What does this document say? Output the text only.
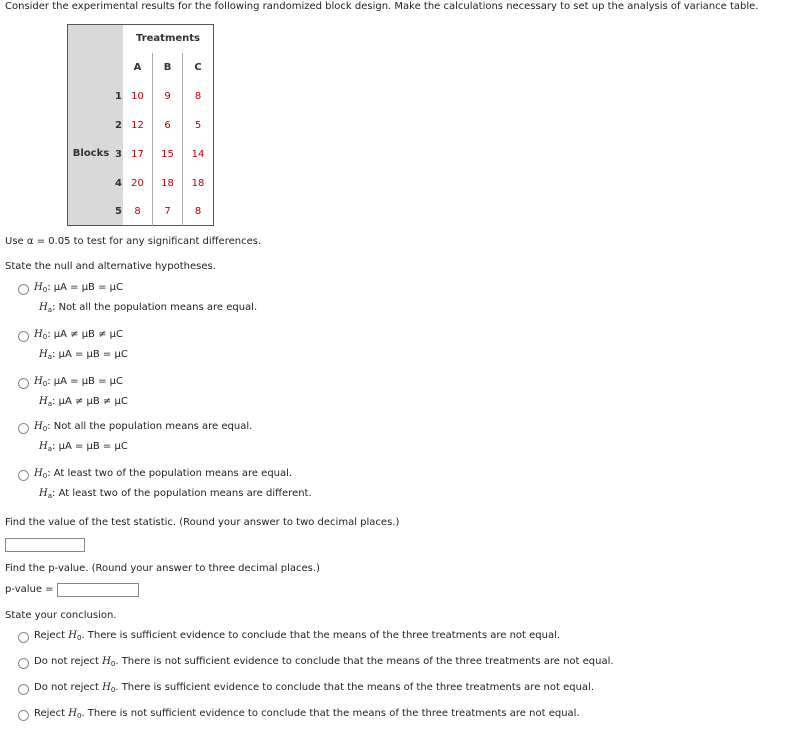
Consider the experimental results for the following randomized block design. Make the calculations necessary to set up the analysis of variance table.
		Treatments		
		A	B	C
Blocks	1	10	9	8
	2	12	6	5
	3	17	15	14
	4	20	18	18
	5	8	7	8
Use α = 0.05 to test for any significant differences.
State the null and alternative hypotheses.
$H_0$: μA = μB = μC
$H_a$: Not all the population means are equal.
$H_0$: μA ≠ μB ≠ μC
$H_a$: μA = μB = μC
$H_0$: μA = μB = μC
$H_a$: μA ≠ μB ≠ μC
$H_0$: Not all the population means are equal.
$H_a$: μA = μB = μC
$H_0$: At least two of the population means are equal.
$H_a$: At least two of the population means are different.
Find the value of the test statistic. (Round your answer to two decimal places.)
Find the p-value. (Round your answer to three decimal places.)
p-value =
State your conclusion.
Reject $H_0$. There is sufficient evidence to conclude that the means of the three treatments are not equal.
Do not reject $H_0$. There is not sufficient evidence to conclude that the means of the three treatments are not equal.
Do not reject $H_0$. There is sufficient evidence to conclude that the means of the three treatments are not equal.
Reject $H_0$. There is not sufficient evidence to conclude that the means of the three treatments are not equal.
